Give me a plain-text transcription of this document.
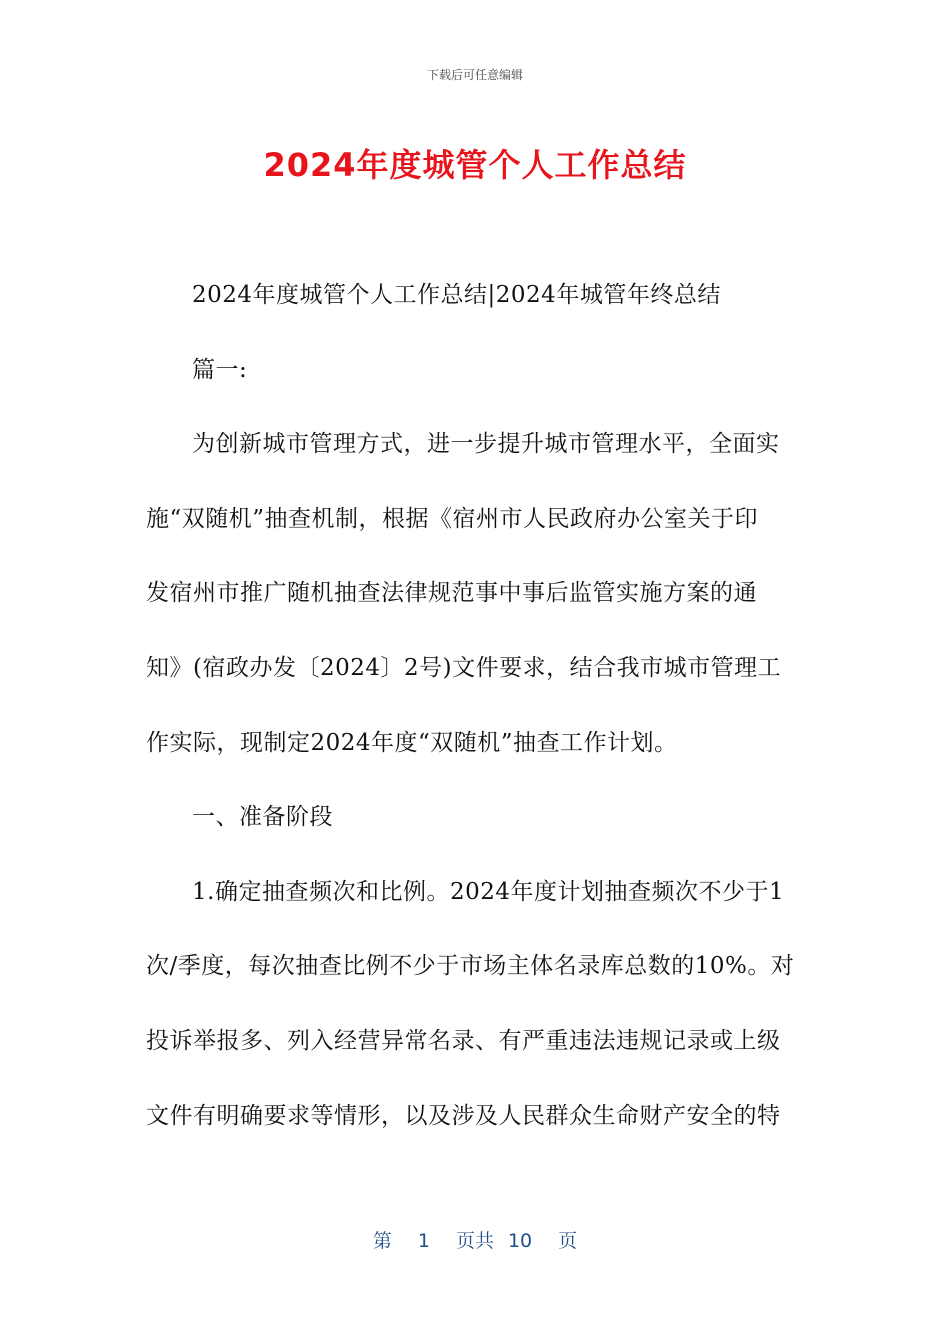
下载后可任意编辑
2024年度城管个人工作总结
2024年度城管个人工作总结|2024年城管年终总结
篇一:
为创新城市管理方式，进一步提升城市管理水平，全面实
施“双随机”抽查机制，根据《宿州市人民政府办公室关于印
发宿州市推广随机抽查法律规范事中事后监管实施方案的通
知》(宿政办发〔2024〕2号)文件要求，结合我市城市管理工
作实际，现制定2024年度“双随机”抽查工作计划。
一、准备阶段
1.确定抽查频次和比例。2024年度计划抽查频次不少于1
次/季度，每次抽查比例不少于市场主体名录库总数的10%。对
投诉举报多、列入经营异常名录、有严重违法违规记录或上级
文件有明确要求等情形，以及涉及人民群众生命财产安全的特
第 1 页共 10 页
